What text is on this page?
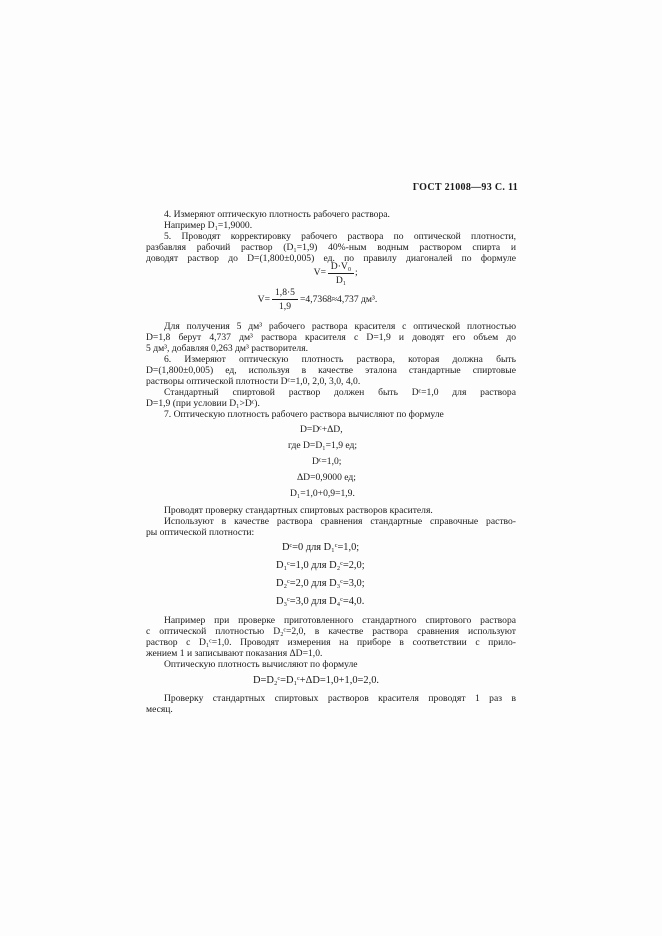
ГОСТ 21008—93 С. 11
4. Измеряют оптическую плотность рабочего раствора.
Например D₁=1,9000.
5. Проводят корректировку рабочего раствора по оптической плотности,
разбавляя рабочий раствор (D₁=1,9) 40%-ным водным раствором спирта и
доводят раствор до D=(1,800±0,005) ед. по правилу диагоналей по формуле
V=
D·V₀
D₁
;
V=
1,8·5
1,9
=4,7368≈4,737 дм³.
Для получения 5 дм³ рабочего раствора красителя с оптической плотностью
D=1,8 берут 4,737 дм³ раствора красителя с D=1,9 и доводят его объем до
5 дм³, добавляя 0,263 дм³ растворителя.
6. Измеряют оптическую плотность раствора, которая должна быть
D=(1,800±0,005) ед, используя в качестве эталона стандартные спиртовые
растворы оптической плотности Dᶜ=1,0, 2,0, 3,0, 4,0.
Стандартный спиртовой раствор должен быть Dᶜ=1,0 для раствора
D=1,9 (при условии D₁>Dᶜ).
7. Оптическую плотность рабочего раствора вычисляют по формуле
D=Dᶜ+ΔD,
где D=D₁=1,9 ед;
Dᶜ=1,0;
ΔD=0,9000 ед;
D₁=1,0+0,9=1,9.
Проводят проверку стандартных спиртовых растворов красителя.
Используют в качестве раствора сравнения стандартные справочные раство-
ры оптической плотности:
Dᶜ=0 для D₁ᶜ=1,0;
D₁ᶜ=1,0 для D₂ᶜ=2,0;
D₂ᶜ=2,0 для D₃ᶜ=3,0;
D₃ᶜ=3,0 для D₄ᶜ=4,0.
Например при проверке приготовленного стандартного спиртового раствора
с оптической плотностью D₂ᶜ=2,0, в качестве раствора сравнения используют
раствор с D₁ᶜ=1,0. Проводят измерения на приборе в соответствии с прило-
жением 1 и записывают показания ΔD=1,0.
Оптическую плотность вычисляют по формуле
D=D₂ᶜ=D₁ᶜ+ΔD=1,0+1,0=2,0.
Проверку стандартных спиртовых растворов красителя проводят 1 раз в
месяц.
